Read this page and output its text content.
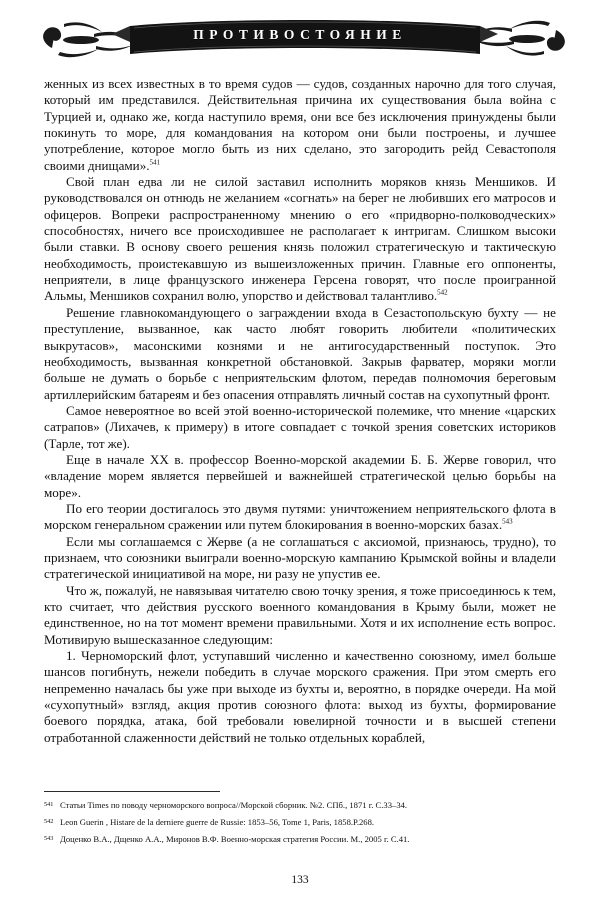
ПРОТИВОСТОЯНИЕ

женных из всех известных в то время судов — судов, созданных нарочно для того случая, который им представился. Действительная причина их существования была война с Турцией и, однако же, когда наступило время, они все без исключения принуждены были покинуть то море, для командования на котором они были построены, и лучшее употребление, которое могло быть из них сделано, это загородить рейд Севастополя своими днищами».$^{541}$

Свой план едва ли не силой заставил исполнить моряков князь Меншиков. И руководствовался он отнюдь не желанием «согнать» на берег не любивших его матросов и офицеров. Вопреки распространенному мнению о его «придворно-полководческих» способностях, ничего все происходившее не располагает к интригам. Слишком высоки были ставки. В основу своего решения князь положил стратегическую и тактическую необходимость, проистекавшую из вышеизложенных причин. Главные его оппоненты, неприятели, в лице французского инженера Герсена говорят, что после проигранной Альмы, Меншиков сохранил волю, упорство и действовал талантливо.$^{542}$

Решение главнокомандующего о заграждении входа в Сезастопольскую бухту — не преступление, вызванное, как часто любят говорить любители «политических выкрутасов», масонскими кознями и не антигосударственный поступок. Это необходимость, вызванная конкретной обстановкой. Закрыв фарватер, моряки могли больше не думать о борьбе с неприятельским флотом, передав полномочия береговым артиллерийским батареям и без опасения отправлять личный состав на сухопутный фронт.

Самое невероятное во всей этой военно-исторической полемике, что мнение «царских сатрапов» (Лихачев, к примеру) в итоге совпадает с точкой зрения советских историков (Тарле, тот же).

Еще в начале XX в. профессор Военно-морской академии Б. Б. Жерве говорил, что «владение морем является первейшей и важнейшей стратегической целью борьбы на море».

По его теории достигалось это двумя путями: уничтожением неприятельского флота в морском генеральном сражении или путем блокирования в военно-морских базах.$^{543}$

Если мы соглашаемся с Жерве (а не соглашаться с аксиомой, признаюсь, трудно), то признаем, что союзники выиграли военно-морскую кампанию Крымской войны и владели стратегической инициативой на море, ни разу не упустив ее.

Что ж, пожалуй, не навязывая читателю свою точку зрения, я тоже присоединюсь к тем, кто считает, что действия русского военного командования в Крыму были, может не единственное, но на тот момент времени правильными. Хотя и их исполнение есть вопрос. Мотивирую вышесказанное следующим:

1. Черноморский флот, уступавший численно и качественно союзному, имел больше шансов погибнуть, нежели победить в случае морского сражения. При этом смерть его непременно началась бы уже при выходе из бухты и, вероятно, в порядке очереди. На мой «сухопутный» взгляд, акция против союзного флота: выход из бухты, формирование боевого порядка, атака, бой требовали ювелирной точности и в высшей степени отработанной слаженности действий не только отдельных кораблей,

541 Статьи Times по поводу черноморского вопроса//Морской сборник. №2. СПб., 1871 г. С.33–34.
542 Leon Guerin , Histare de la derniere guerre de Russie: 1853–56, Tome 1, Paris, 1858.P.268.
543 Доценко В.А., Дщенко А.А., Миронов В.Ф. Военно-морская стратегия России. М., 2005 г. С.41.
133
